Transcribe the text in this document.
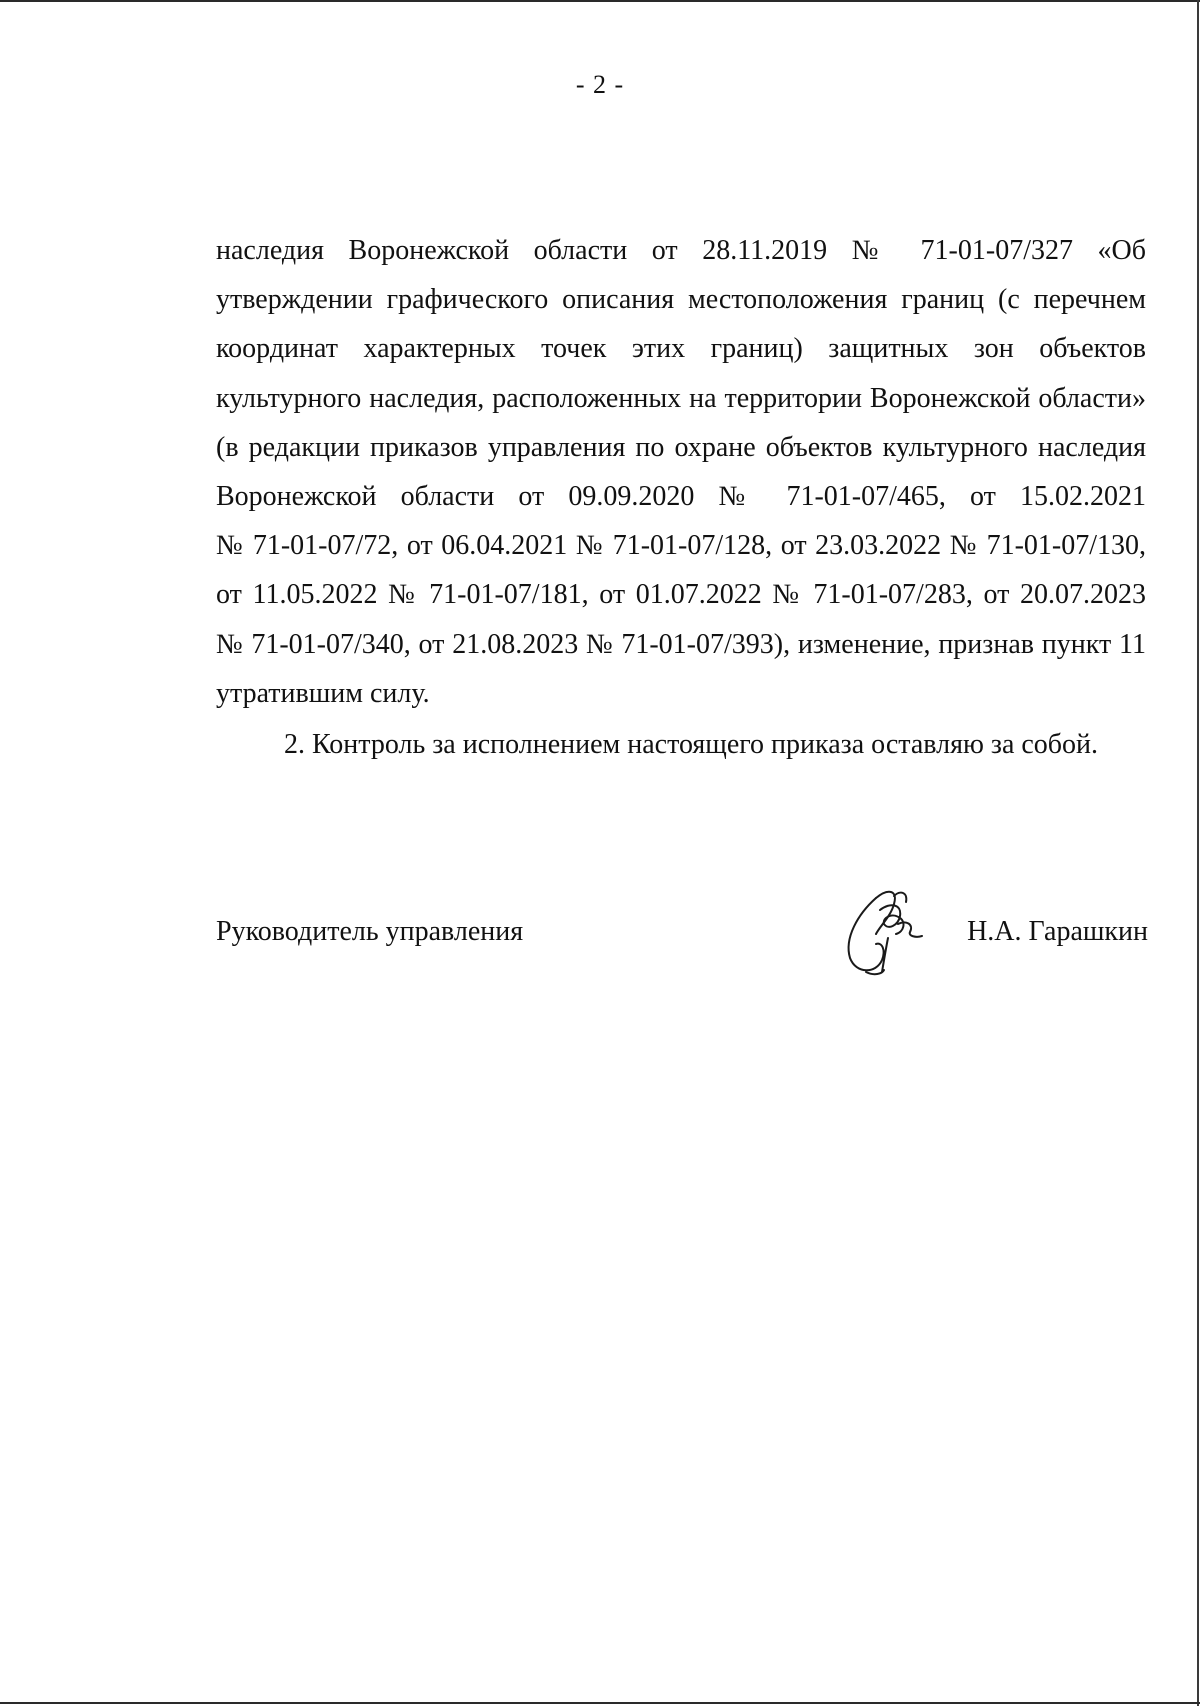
- 2 -
наследия Воронежской области от 28.11.2019 № 71-01-07/327 «Об
утверждении графического описания местоположения границ (с перечнем
координат характерных точек этих границ) защитных зон объектов
культурного наследия, расположенных на территории Воронежской области»
(в редакции приказов управления по охране объектов культурного наследия
Воронежской области от 09.09.2020 № 71-01-07/465, от 15.02.2021
№ 71-01-07/72, от 06.04.2021 № 71-01-07/128, от 23.03.2022 № 71-01-07/130,
от 11.05.2022 № 71-01-07/181, от 01.07.2022 № 71-01-07/283, от 20.07.2023
№ 71-01-07/340, от 21.08.2023 № 71-01-07/393), изменение, признав пункт 11
утратившим силу.
2. Контроль за исполнением настоящего приказа оставляю за собой.
Руководитель управления	Н.А. Гарашкин
